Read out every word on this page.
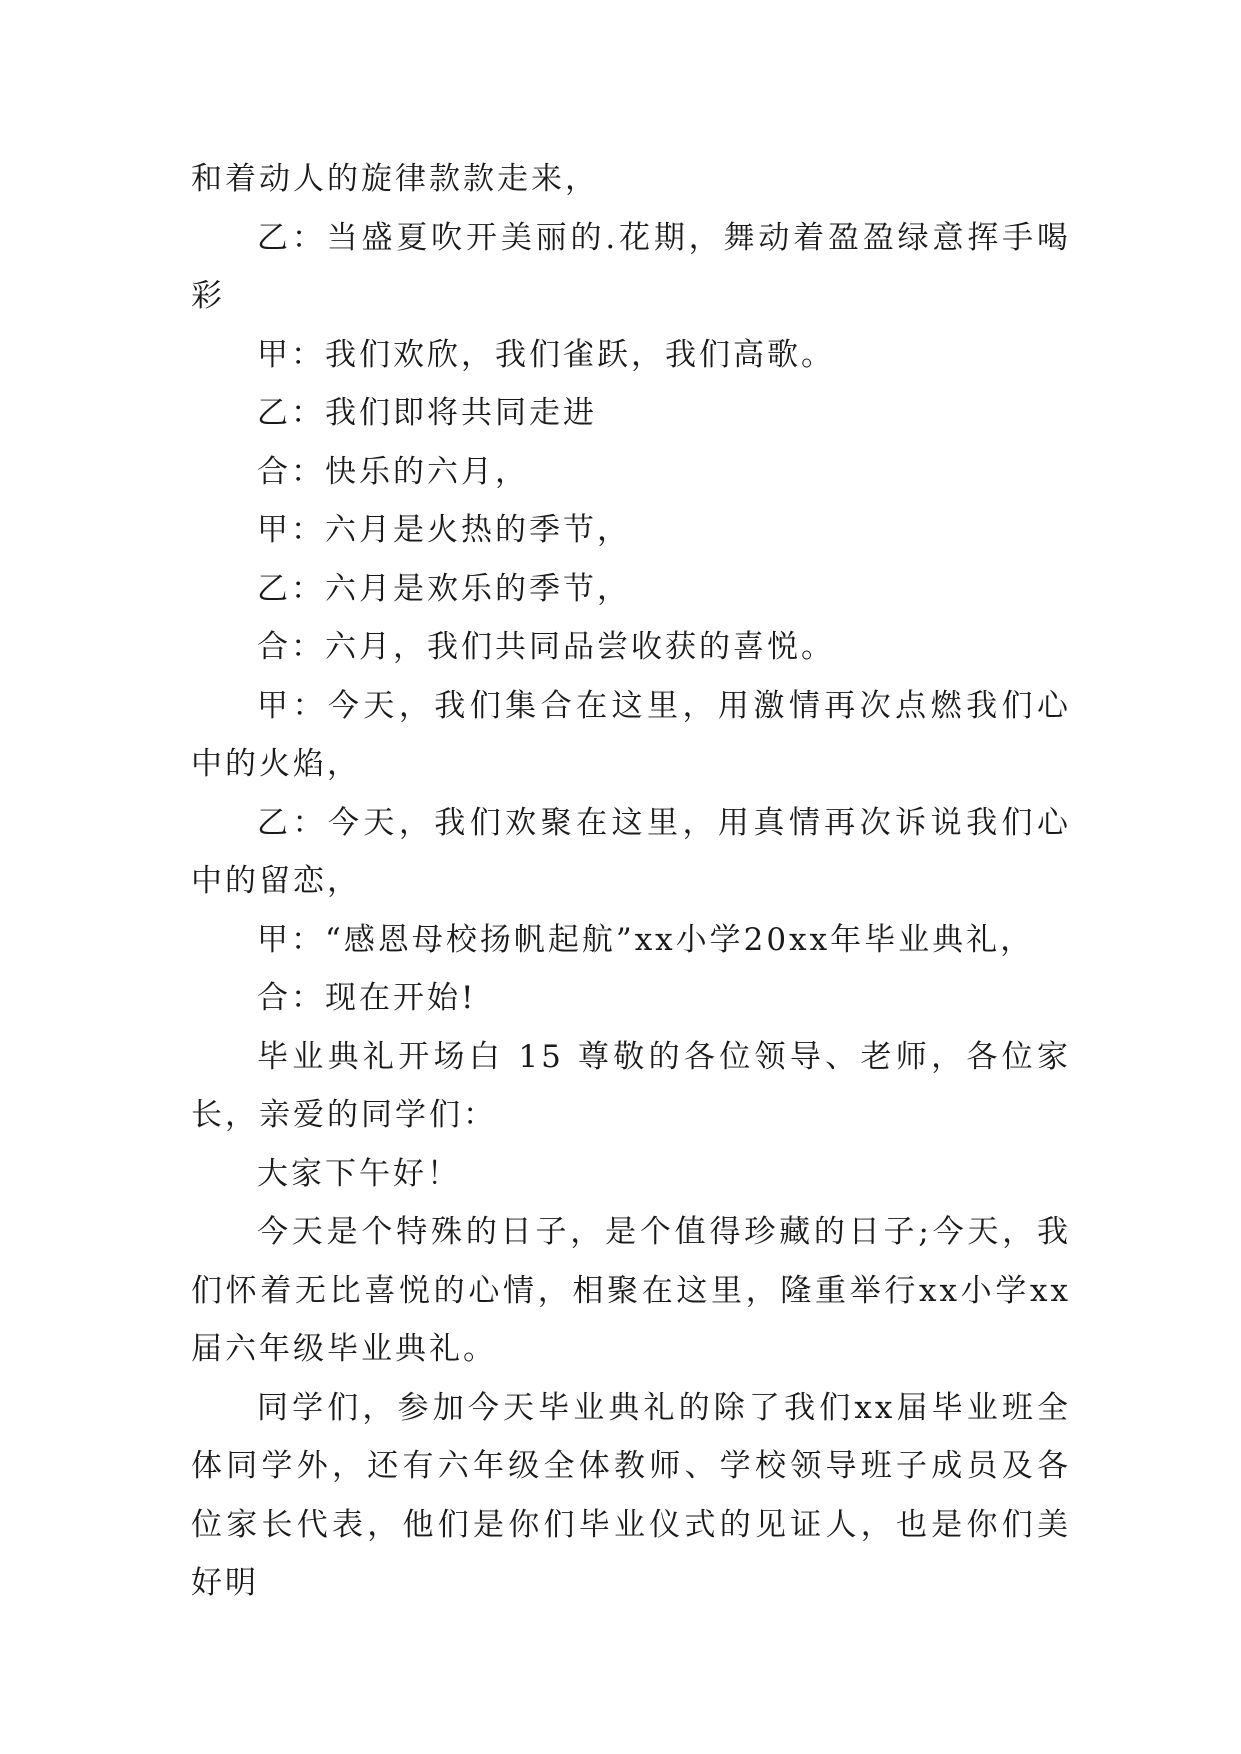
和着动人的旋律款款走来，

乙：当盛夏吹开美丽的.花期，舞动着盈盈绿意挥手喝彩

甲：我们欢欣，我们雀跃，我们高歌。

乙：我们即将共同走进

合：快乐的六月，

甲：六月是火热的季节，

乙：六月是欢乐的季节，

合：六月，我们共同品尝收获的喜悦。

甲：今天，我们集合在这里，用激情再次点燃我们心中的火焰，

乙：今天，我们欢聚在这里，用真情再次诉说我们心中的留恋，

甲：“感恩母校扬帆起航”xx小学20xx年毕业典礼，

合：现在开始!

毕业典礼开场白 15 尊敬的各位领导、老师，各位家长，亲爱的同学们：

大家下午好！

今天是个特殊的日子，是个值得珍藏的日子;今天，我们怀着无比喜悦的心情，相聚在这里，隆重举行xx小学xx届六年级毕业典礼。

同学们，参加今天毕业典礼的除了我们xx届毕业班全体同学外，还有六年级全体教师、学校领导班子成员及各位家长代表，他们是你们毕业仪式的见证人，也是你们美好明
